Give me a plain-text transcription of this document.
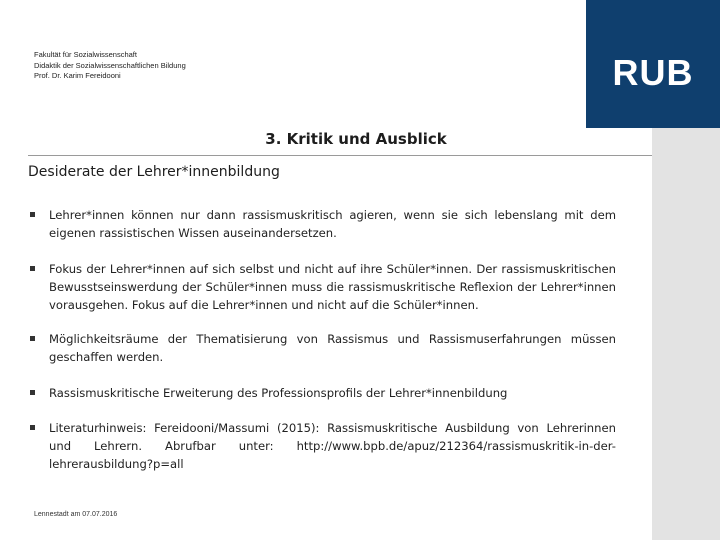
Fakultät für Sozialwissenschaft
Didaktik der Sozialwissenschaftlichen Bildung
Prof. Dr. Karim Fereidooni
3. Kritik und Ausblick
Desiderate der Lehrer*innenbildung
Lehrer*innen können nur dann rassismuskritisch agieren, wenn sie sich lebenslang mit dem eigenen rassistischen Wissen auseinandersetzen.
Fokus der Lehrer*innen auf sich selbst und nicht auf ihre Schüler*innen. Der rassismuskritischen Bewusstseinswerdung der Schüler*innen muss die rassismuskritische Reflexion der Lehrer*innen vorausgehen. Fokus auf die Lehrer*innen und nicht auf die Schüler*innen.
Möglichkeitsräume der Thematisierung von Rassismus und Rassismuserfahrungen müssen geschaffen werden.
Rassismuskritische Erweiterung des Professionsprofils der Lehrer*innenbildung
Literaturhinweis: Fereidooni/Massumi (2015): Rassismuskritische Ausbildung von Lehrerinnen und Lehrern. Abrufbar unter: http://www.bpb.de/apuz/212364/rassismuskritik-in-der-lehrerausbildung?p=all
Lennestadt am 07.07.2016
RUB
